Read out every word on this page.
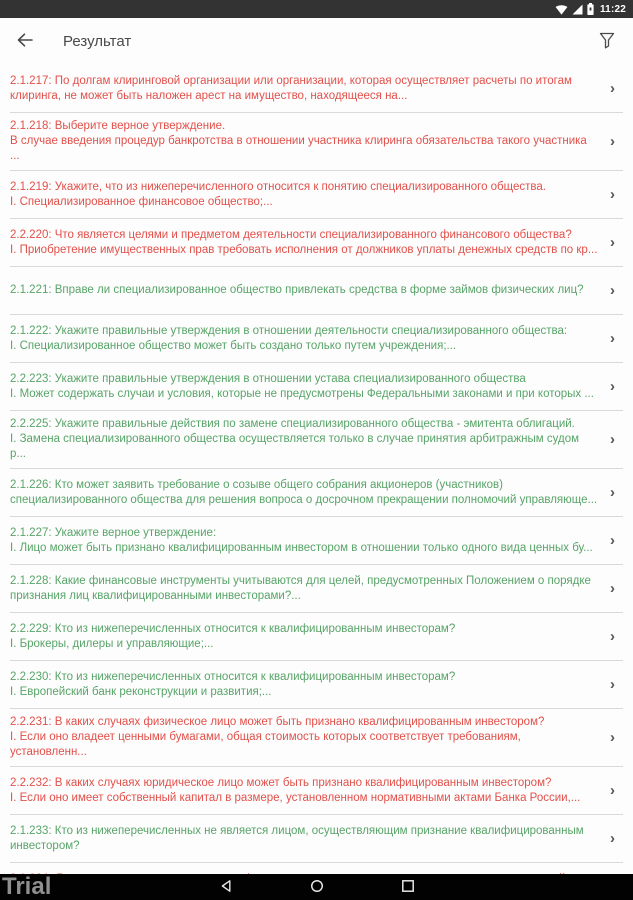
11:22
Результат
2.1.217: По долгам клиринговой организации или организации, которая осуществляет расчеты по итогам клиринга, не может быть наложен арест на имущество, находящееся на...	›
2.1.218: Выберите верное утверждение.
В случае введения процедур банкротства в отношении участника клиринга обязательства такого участника ...
›
2.1.219: Укажите, что из нижеперечисленного относится к понятию специализированного общества.
I. Специализированное финансовое общество;...	›
2.2.220: Что является целями и предметом деятельности специализированного финансового общества?
I. Приобретение имущественных прав требовать исполнения от должников уплаты денежных средств по кр... ›
2.1.221: Вправе ли специализированное общество привлекать средства в форме займов физических лиц?	›
2.1.222: Укажите правильные утверждения в отношении деятельности специализированного общества:
I. Специализированное общество может быть создано только путем учреждения;...	›
2.2.223: Укажите правильные утверждения в отношении устава специализированного общества
I. Может содержать случаи и условия, которые не предусмотрены Федеральными законами и при которых ... ›
2.2.225: Укажите правильные действия по замене специализированного общества - эмитента облигаций.
I. Замена специализированного общества осуществляется только в случае принятия арбитражным судом р...
›
2.1.226: Кто может заявить требование о созыве общего собрания акционеров (участников) специализированного общества для решения вопроса о досрочном прекращении полномочий управляюще... ›
2.1.227: Укажите верное утверждение:
I. Лицо может быть признано квалифицированным инвестором в отношении только одного вида ценных бу...	›
2.1.228: Какие финансовые инструменты учитываются для целей, предусмотренных Положением о порядке признания лиц квалифицированными инвесторами?...	›
2.2.229: Кто из нижеперечисленных относится к квалифицированным инвесторам?
I. Брокеры, дилеры и управляющие;...	›
2.2.230: Кто из нижеперечисленных относится к квалифицированным инвесторам?
I. Европейский банк реконструкции и развития;...	›
2.2.231: В каких случаях физическое лицо может быть признано квалифицированным инвестором?
I. Если оно владеет ценными бумагами, общая стоимость которых соответствует требованиям, установленн...
›
2.2.232: В каких случаях юридическое лицо может быть признано квалифицированным инвестором?
I. Если оно имеет собственный капитал в размере, установленном нормативными актами Банка России,...	›
2.1.233: Кто из нижеперечисленных не является лицом, осуществляющим признание квалифицированным инвестором?	›
Trial
